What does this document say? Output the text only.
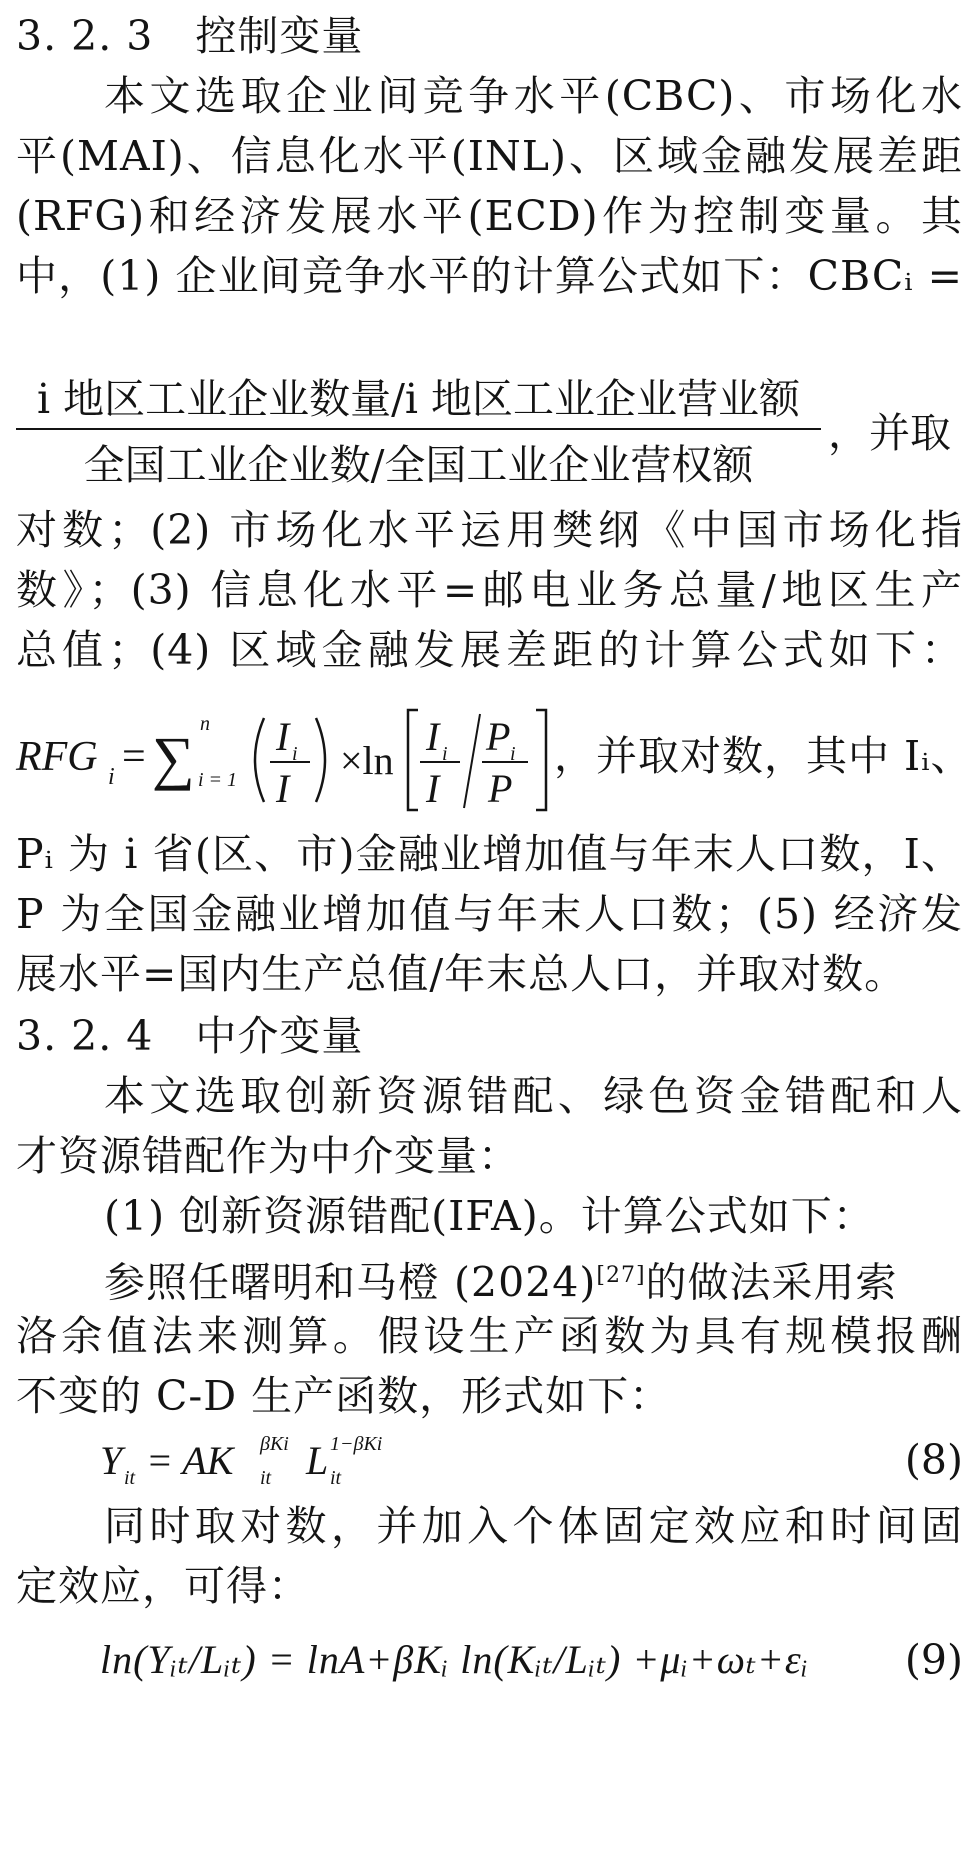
3. 2. 3　控制变量
本文选取企业间竞争水平(CBC)、市场化水
平(MAI)、信息化水平(INL)、区域金融发展差距
(RFG)和经济发展水平(ECD)作为控制变量。其
中，(1) 企业间竞争水平的计算公式如下：CBCᵢ =
i 地区工业企业数量/i 地区工业企业营业额
全国工业企业数/全国工业企业营权额
，并取
对数；(2) 市场化水平运用樊纲《中国市场化指
数》；(3) 信息化水平=邮电业务总量/地区生产
总值；(4) 区域金融发展差距的计算公式如下：
RFG i = ∑
n
i = 1
I i
I
×ln
I i
I
P i
P
，并取对数，其中 Iᵢ、
Pᵢ 为 i 省(区、市)金融业增加值与年末人口数，I、
P 为全国金融业增加值与年末人口数；(5) 经济发
展水平=国内生产总值/年末总人口，并取对数。
3. 2. 4　中介变量
本文选取创新资源错配、绿色资金错配和人
才资源错配作为中介变量：
(1) 创新资源错配(IFA)。计算公式如下：
参照任曙明和马橙 (2024)[27]的做法采用索
洛余值法来测算。假设生产函数为具有规模报酬
不变的 C-D 生产函数，形式如下：
Y it = AK βKi
it L 1−βKi
it	(8)
同时取对数，并加入个体固定效应和时间固
定效应，可得：
ln(Yᵢₜ/Lᵢₜ) = lnA+βKᵢ ln(Kᵢₜ/Lᵢₜ) +μᵢ+ωₜ+εᵢ (9)
